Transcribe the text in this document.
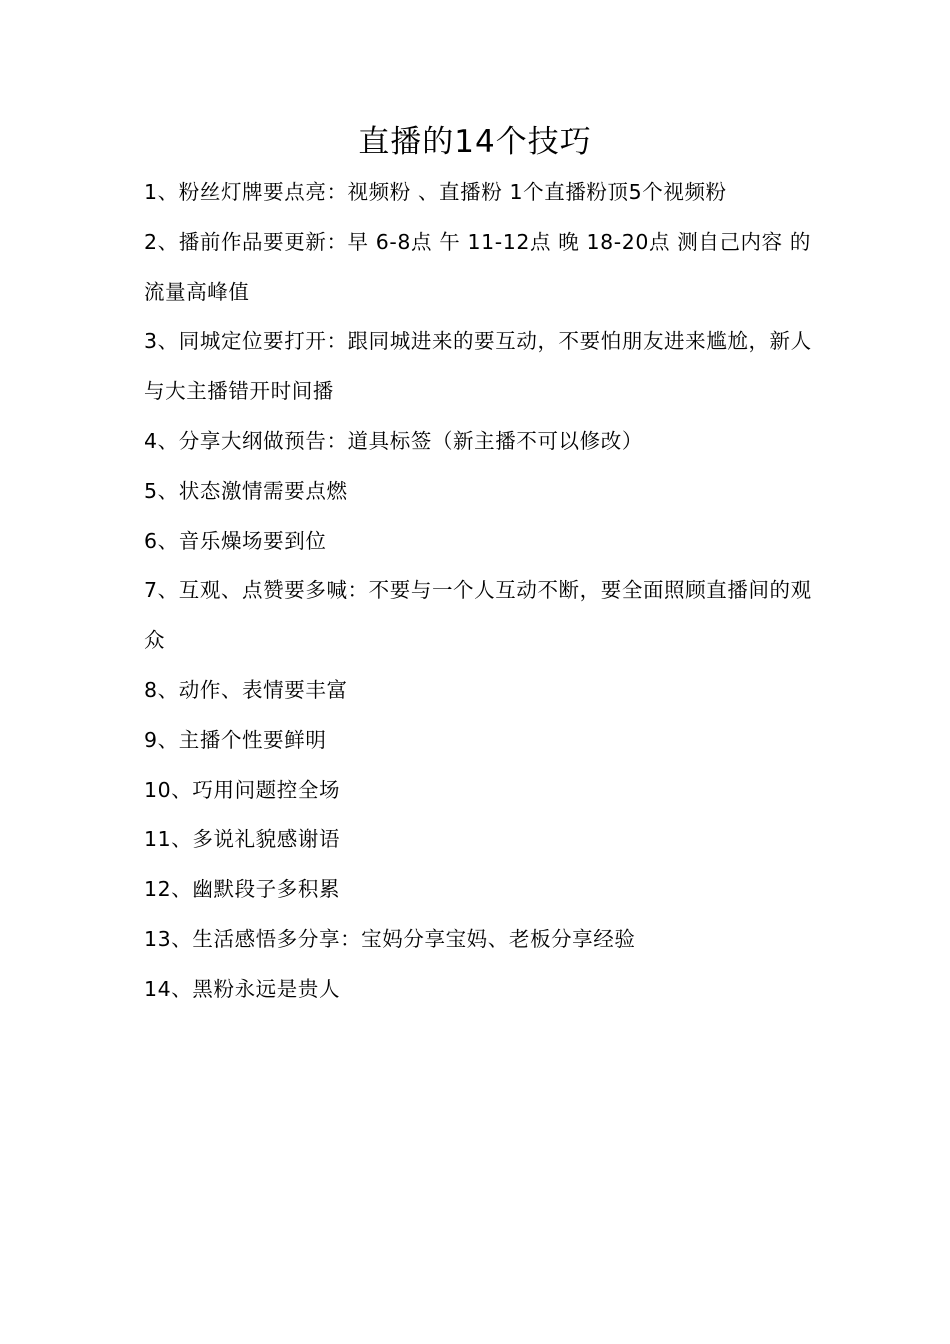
直播的14个技巧
1、粉丝灯牌要点亮：视频粉 、直播粉 1个直播粉顶5个视频粉
2、播前作品要更新：早 6-8点 午 11-12点 晚 18-20点 测自己内容 的流量高峰值
3、同城定位要打开：跟同城进来的要互动，不要怕朋友进来尴尬，新人与大主播错开时间播
4、分享大纲做预告：道具标签（新主播不可以修改）
5、状态激情需要点燃
6、音乐燥场要到位
7、互观、点赞要多喊：不要与一个人互动不断，要全面照顾直播间的观众
8、动作、表情要丰富
9、主播个性要鲜明
10、巧用问题控全场
11、多说礼貌感谢语
12、幽默段子多积累
13、生活感悟多分享：宝妈分享宝妈、老板分享经验
14、黑粉永远是贵人
